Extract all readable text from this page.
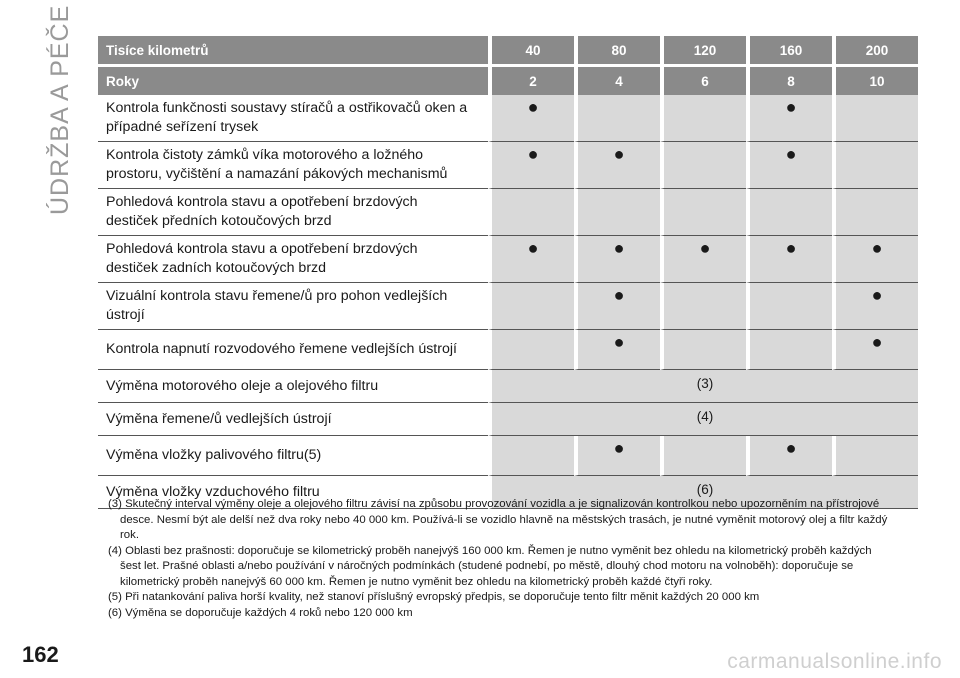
ÚDRŽBA A PÉČE Tisíce kilometrů	40	80	120	160	200
Roky	2	4	6	8	10
Kontrola funkčnosti soustavy stíračů a ostřikovačů oken a případné seřízení trysek	●			●	
Kontrola čistoty zámků víka motorového a ložného prostoru, vyčištění a namazání pákových mechanismů	●	●		●	
Pohledová kontrola stavu a opotřebení brzdových destiček předních kotoučových brzd					
Pohledová kontrola stavu a opotřebení brzdových destiček zadních kotoučových brzd	●	●	●	●	●
Vizuální kontrola stavu řemene/ů pro pohon vedlejších ústrojí		●			●
Kontrola napnutí rozvodového řemene vedlejších ústrojí		●			●
Výměna motorového oleje a olejového filtru	(3)				
Výměna řemene/ů vedlejších ústrojí	(4)				
Výměna vložky palivového filtru(5)		●		●	
Výměna vložky vzduchového filtru	(6)				

(3) Skutečný interval výměny oleje a olejového filtru závisí na způsobu provozování vozidla a je signalizován kontrolkou nebo upozorněním na přístrojové desce. Nesmí být ale delší než dva roky nebo 40 000 km. Používá-li se vozidlo hlavně na městských trasách, je nutné vyměnit motorový olej a filtr každý rok.

(4) Oblasti bez prašnosti: doporučuje se kilometrický proběh nanejvýš 160 000 km. Řemen je nutno vyměnit bez ohledu na kilometrický proběh každých šest let. Prašné oblasti a/nebo používání v náročných podmínkách (studené podnebí, po městě, dlouhý chod motoru na volnoběh): doporučuje se kilometrický proběh nanejvýš 60 000 km. Řemen je nutno vyměnit bez ohledu na kilometrický proběh každé čtyři roky.

(5) Při natankování paliva horší kvality, než stanoví příslušný evropský předpis, se doporučuje tento filtr měnit každých 20 000 km

(6) Výměna se doporučuje každých 4 roků nebo 120 000 km

162	carmanualsonline.info
